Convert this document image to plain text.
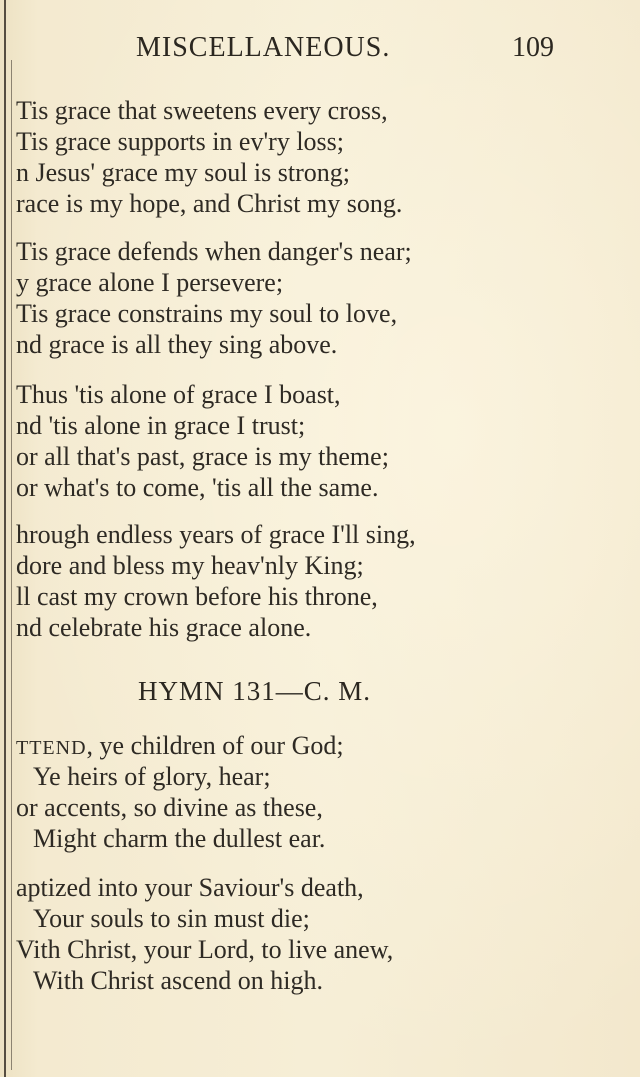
MISCELLANEOUS.	109
Tis grace that sweetens every cross,
Tis grace supports in ev'ry loss;
n Jesus' grace my soul is strong;
race is my hope, and Christ my song.
Tis grace defends when danger's near;
y grace alone I persevere;
Tis grace constrains my soul to love,
nd grace is all they sing above.
Thus 'tis alone of grace I boast,
nd 'tis alone in grace I trust;
or all that's past, grace is my theme;
or what's to come, 'tis all the same.
hrough endless years of grace I'll sing,
dore and bless my heav'nly King;
ll cast my crown before his throne,
nd celebrate his grace alone.
HYMN 131—C. M.
TTEND, ye children of our God;
Ye heirs of glory, hear;
or accents, so divine as these,
Might charm the dullest ear.
aptized into your Saviour's death,
Your souls to sin must die;
Vith Christ, your Lord, to live anew,
With Christ ascend on high.
